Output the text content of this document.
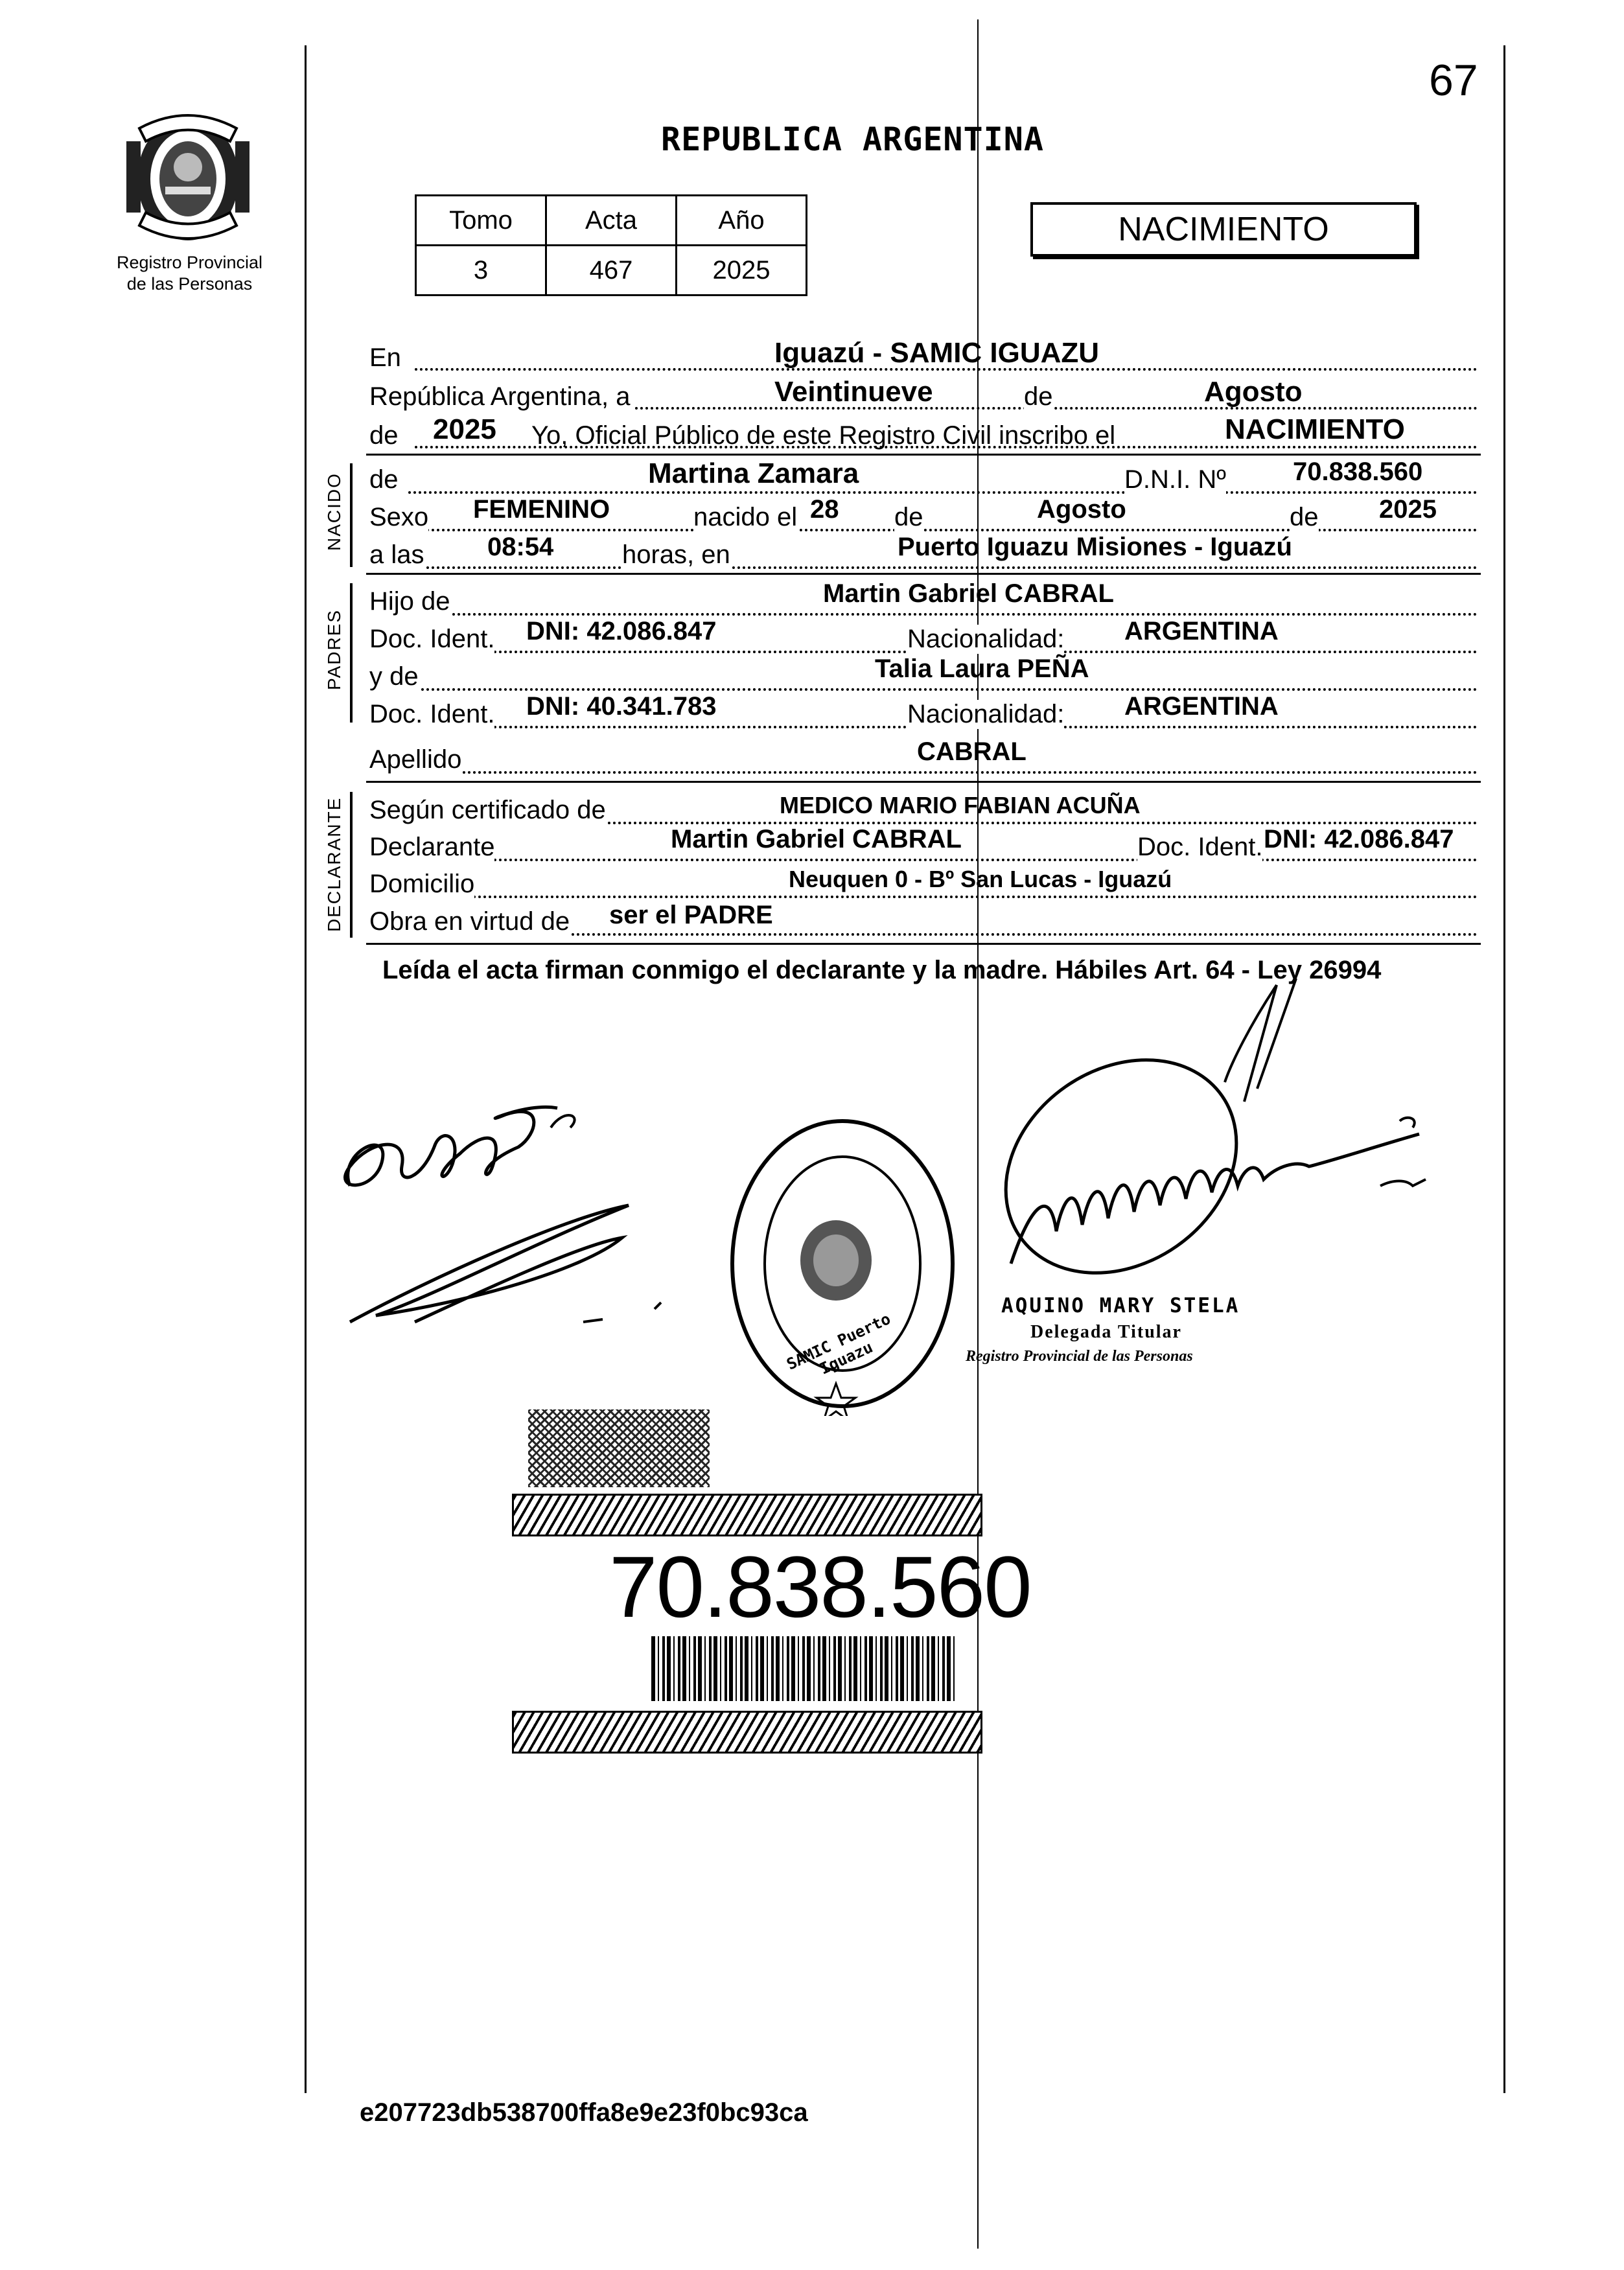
67
Registro Provincial
de las Personas
REPUBLICA ARGENTINA
Tomo	Acta	Año
3	467	2025
NACIMIENTO
En	Iguazú - SAMIC IGUAZU
República Argentina, a	Veintinueve	de	Agosto
de 2025 Yo, Oficial Público de este Registro Civil inscribo el	NACIMIENTO
NACIDO de	Martina Zamara	D.N.I. Nº	70.838.560
Sexo FEMENINO	nacido el 28 de	Agosto	de 2025
a las 08:54	horas, en	Puerto Iguazu Misiones - Iguazú
PADRES
Hijo de	Martin Gabriel CABRAL
Doc. Ident. DNI: 42.086.847	Nacionalidad: ARGENTINA
y de	Talia Laura PEÑA
Doc. Ident. DNI: 40.341.783	Nacionalidad: ARGENTINA
Apellido	CABRAL
DECLARANTE Según certificado de	MEDICO MARIO FABIAN ACUÑA
Declarante	Martin Gabriel CABRAL	Doc. Ident. DNI: 42.086.847
Domicilio	Neuquen 0 - Bº San Lucas - Iguazú
Obra en virtud de ser el PADRE
Leída el acta firman conmigo el declarante y la madre. Hábiles Art. 64 - Ley 26994
SAMIC Puerto Iguazu
AQUINO MARY STELA
Delegada Titular
Registro Provincial de las Personas
70.838.560
e207723db538700ffa8e9e23f0bc93ca
